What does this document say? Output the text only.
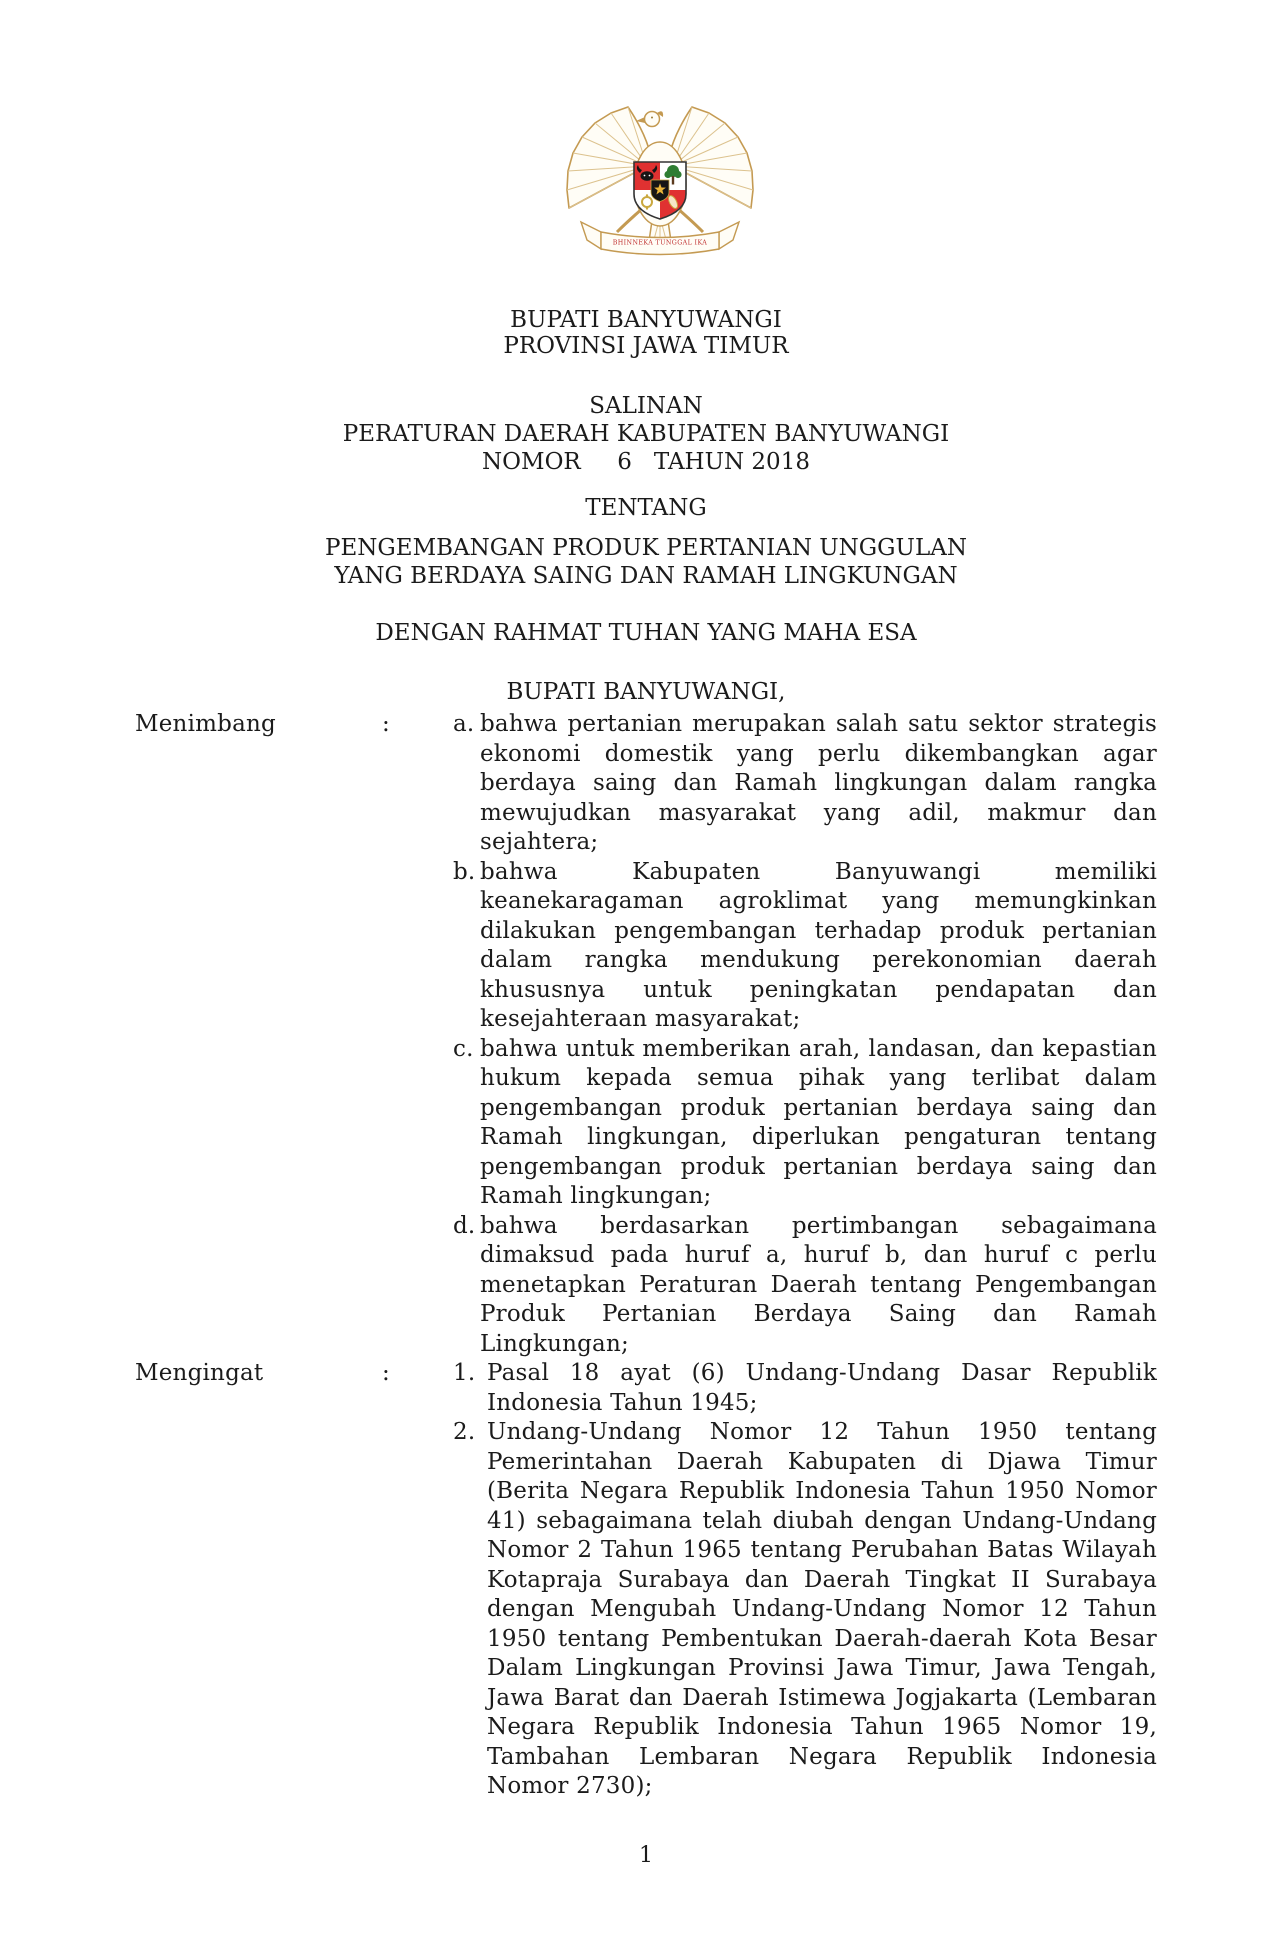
BHINNEKA TUNGGAL IKA
BUPATI BANYUWANGI
PROVINSI JAWA TIMUR
SALINAN
PERATURAN DAERAH KABUPATEN BANYUWANGI
NOMOR     6   TAHUN 2018
TENTANG
PENGEMBANGAN PRODUK PERTANIAN UNGGULAN
YANG BERDAYA SAING DAN RAMAH LINGKUNGAN
DENGAN RAHMAT TUHAN YANG MAHA ESA
BUPATI BANYUWANGI,
Menimbang	:	a. bahwa pertanian merupakan salah satu sektor strategis ekonomi domestik yang perlu dikembangkan agar berdaya saing dan Ramah lingkungan dalam rangka mewujudkan masyarakat yang adil, makmur dan sejahtera;
b. bahwa Kabupaten Banyuwangi memiliki keanekaragaman agroklimat yang memungkinkan dilakukan pengembangan terhadap produk pertanian dalam rangka mendukung perekonomian daerah khususnya untuk peningkatan pendapatan dan kesejahteraan masyarakat;
c. bahwa untuk memberikan arah, landasan, dan kepastian hukum kepada semua pihak yang terlibat dalam pengembangan produk pertanian berdaya saing dan Ramah lingkungan, diperlukan pengaturan tentang pengembangan produk pertanian berdaya saing dan Ramah lingkungan;
d. bahwa berdasarkan pertimbangan sebagaimana dimaksud pada huruf a, huruf b, dan huruf c perlu menetapkan Peraturan Daerah tentang Pengembangan Produk Pertanian Berdaya Saing dan Ramah Lingkungan;
Mengingat	:	1. Pasal 18 ayat (6) Undang-Undang Dasar Republik Indonesia Tahun 1945;
2. Undang-Undang Nomor 12 Tahun 1950 tentang Pemerintahan Daerah Kabupaten di Djawa Timur (Berita Negara Republik Indonesia Tahun 1950 Nomor 41) sebagaimana telah diubah dengan Undang-Undang Nomor 2 Tahun 1965 tentang Perubahan Batas Wilayah Kotapraja Surabaya dan Daerah Tingkat II Surabaya dengan Mengubah Undang-Undang Nomor 12 Tahun 1950 tentang Pembentukan Daerah-daerah Kota Besar Dalam Lingkungan Provinsi Jawa Timur, Jawa Tengah, Jawa Barat dan Daerah Istimewa Jogjakarta (Lembaran Negara Republik Indonesia Tahun 1965 Nomor 19, Tambahan Lembaran Negara Republik Indonesia Nomor 2730);
1
